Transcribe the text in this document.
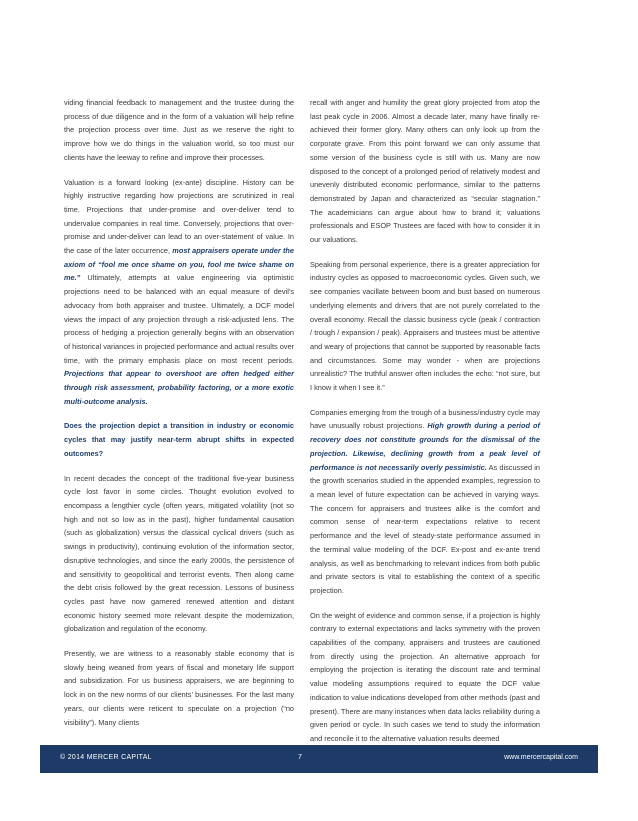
viding financial feedback to management and the trustee during the process of due diligence and in the form of a valuation will help refine the projection process over time. Just as we reserve the right to improve how we do things in the valuation world, so too must our clients have the leeway to refine and improve their processes.

Valuation is a forward looking (ex-ante) discipline. History can be highly instructive regarding how projections are scrutinized in real time. Projections that under-promise and over-deliver tend to undervalue companies in real time. Conversely, projections that over-promise and under-deliver can lead to an over-statement of value. In the case of the later occurrence, most appraisers operate under the axiom of “fool me once shame on you, fool me twice shame on me.” Ultimately, attempts at value engineering via optimistic projections need to be balanced with an equal measure of devil’s advocacy from both appraiser and trustee. Ultimately, a DCF model views the impact of any projection through a risk-adjusted lens. The process of hedging a projection generally begins with an observation of historical variances in projected performance and actual results over time, with the primary emphasis place on most recent periods. Projections that appear to overshoot are often hedged either through risk assessment, probability factoring, or a more exotic multi-outcome analysis.

Does the projection depict a transition in industry or economic cycles that may justify near-term abrupt shifts in expected outcomes?

In recent decades the concept of the traditional five-year business cycle lost favor in some circles. Thought evolution evolved to encompass a lengthier cycle (often years, mitigated volatility (not so high and not so low as in the past), higher fundamental causation (such as globalization) versus the classical cyclical drivers (such as swings in productivity), continuing evolution of the information sector, disruptive technologies, and since the early 2000s, the persistence of and sensitivity to geopolitical and terrorist events. Then along came the debt crisis followed by the great recession. Lessons of business cycles past have now garnered renewed attention and distant economic history seemed more relevant despite the modernization, globalization and regulation of the economy.

Presently, we are witness to a reasonably stable economy that is slowly being weaned from years of fiscal and monetary life support and subsidization. For us business appraisers, we are beginning to lock in on the new norms of our clients’ businesses. For the last many years, our clients were reticent to speculate on a projection (“no visibility”). Many clients

recall with anger and humility the great glory projected from atop the last peak cycle in 2006. Almost a decade later, many have finally re-achieved their former glory. Many others can only look up from the corporate grave. From this point forward we can only assume that some version of the business cycle is still with us. Many are now disposed to the concept of a prolonged period of relatively modest and unevenly distributed economic performance, similar to the patterns demonstrated by Japan and characterized as “secular stagnation.” The academicians can argue about how to brand it; valuations professionals and ESOP Trustees are faced with how to consider it in our valuations.

Speaking from personal experience, there is a greater appreciation for industry cycles as opposed to macroeconomic cycles. Given such, we see companies vacillate between boom and bust based on numerous underlying elements and drivers that are not purely correlated to the overall economy. Recall the classic business cycle (peak / contraction / trough / expansion / peak). Appraisers and trustees must be attentive and weary of projections that cannot be supported by reasonable facts and circumstances. Some may wonder - when are projections unrealistic? The truthful answer often includes the echo: “not sure, but I know it when I see it.”

Companies emerging from the trough of a business/industry cycle may have unusually robust projections. High growth during a period of recovery does not constitute grounds for the dismissal of the projection. Likewise, declining growth from a peak level of performance is not necessarily overly pessimistic. As discussed in the growth scenarios studied in the appended examples, regression to a mean level of future expectation can be achieved in varying ways. The concern for appraisers and trustees alike is the comfort and common sense of near-term expectations relative to recent performance and the level of steady-state performance assumed in the terminal value modeling of the DCF. Ex-post and ex-ante trend analysis, as well as benchmarking to relevant indices from both public and private sectors is vital to establishing the context of a specific projection.

On the weight of evidence and common sense, if a projection is highly contrary to external expectations and lacks symmetry with the proven capabilities of the company, appraisers and trustees are cautioned from directly using the projection. An alternative approach for employing the projection is iterating the discount rate and terminal value modeling assumptions required to equate the DCF value indication to value indications developed from other methods (past and present). There are many instances when data lacks reliability during a given period or cycle. In such cases we tend to study the information and reconcile it to the alternative valuation results deemed

© 2014 MERCER CAPITAL	7	www.mercercapital.com
